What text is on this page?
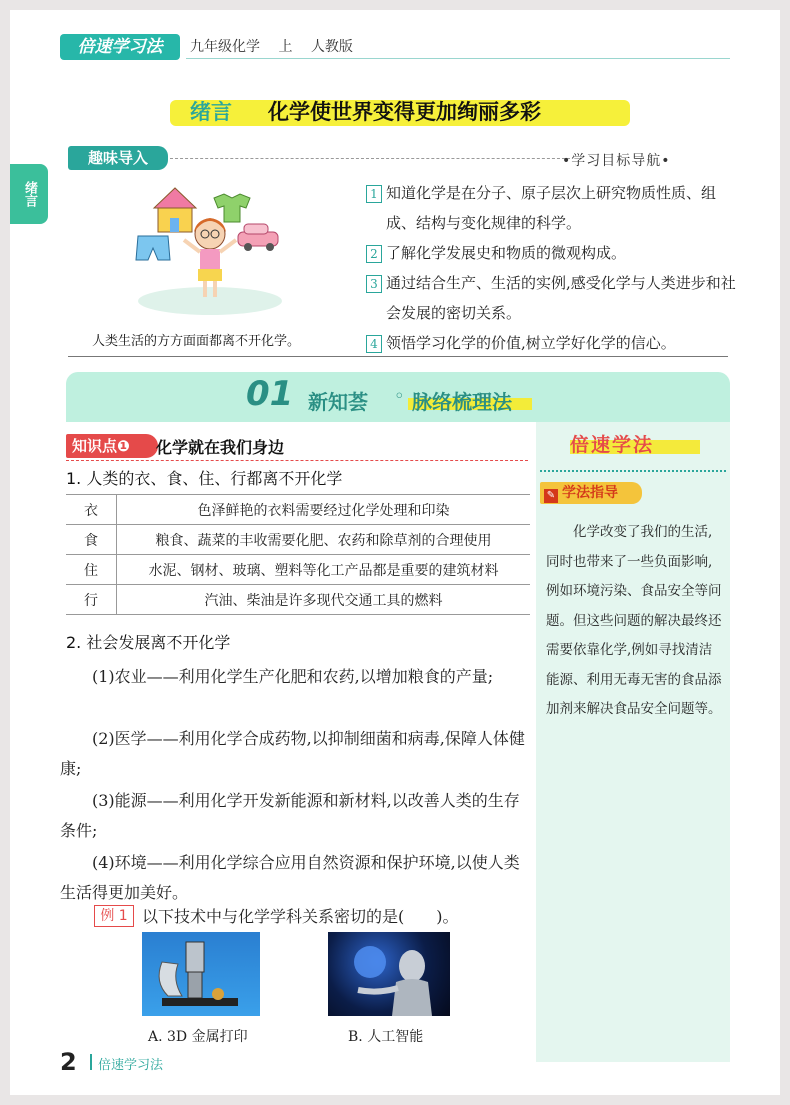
倍速学习法	九年级化学 上 人教版
绪言 化学使世界变得更加绚丽多彩
绪言
趣味导入	•学习目标导航•
人类生活的方方面面都离不开化学。
1 知道化学是在分子、原子层次上研究物质性质、组成、结构与变化规律的科学。
2 了解化学发展史和物质的微观构成。
3 通过结合生产、生活的实例,感受化学与人类进步和社会发展的密切关系。
4 领悟学习化学的价值,树立学好化学的信心。
01 新知荟 ◦ 脉络梳理法
倍速学法
✎ 学法指导
化学改变了我们的生活,同时也带来了一些负面影响,例如环境污染、食品安全等问题。但这些问题的解决最终还需要依靠化学,例如寻找清洁能源、利用无毒无害的食品添加剂来解决食品安全问题等。
知识点❶	化学就在我们身边
1. 人类的衣、食、住、行都离不开化学
衣	色泽鲜艳的衣料需要经过化学处理和印染
食	粮食、蔬菜的丰收需要化肥、农药和除草剂的合理使用
住	水泥、钢材、玻璃、塑料等化工产品都是重要的建筑材料
行	汽油、柴油是许多现代交通工具的燃料
2. 社会发展离不开化学
(1)农业——利用化学生产化肥和农药,以增加粮食的产量;
(2)医学——利用化学合成药物,以抑制细菌和病毒,保障人体健康;
(3)能源——利用化学开发新能源和新材料,以改善人类的生存条件;
(4)环境——利用化学综合应用自然资源和保护环境,以使人类生活得更加美好。
例 1 以下技术中与化学学科关系密切的是(　　)。
A. 3D 金属打印	B. 人工智能
2 倍速学习法
